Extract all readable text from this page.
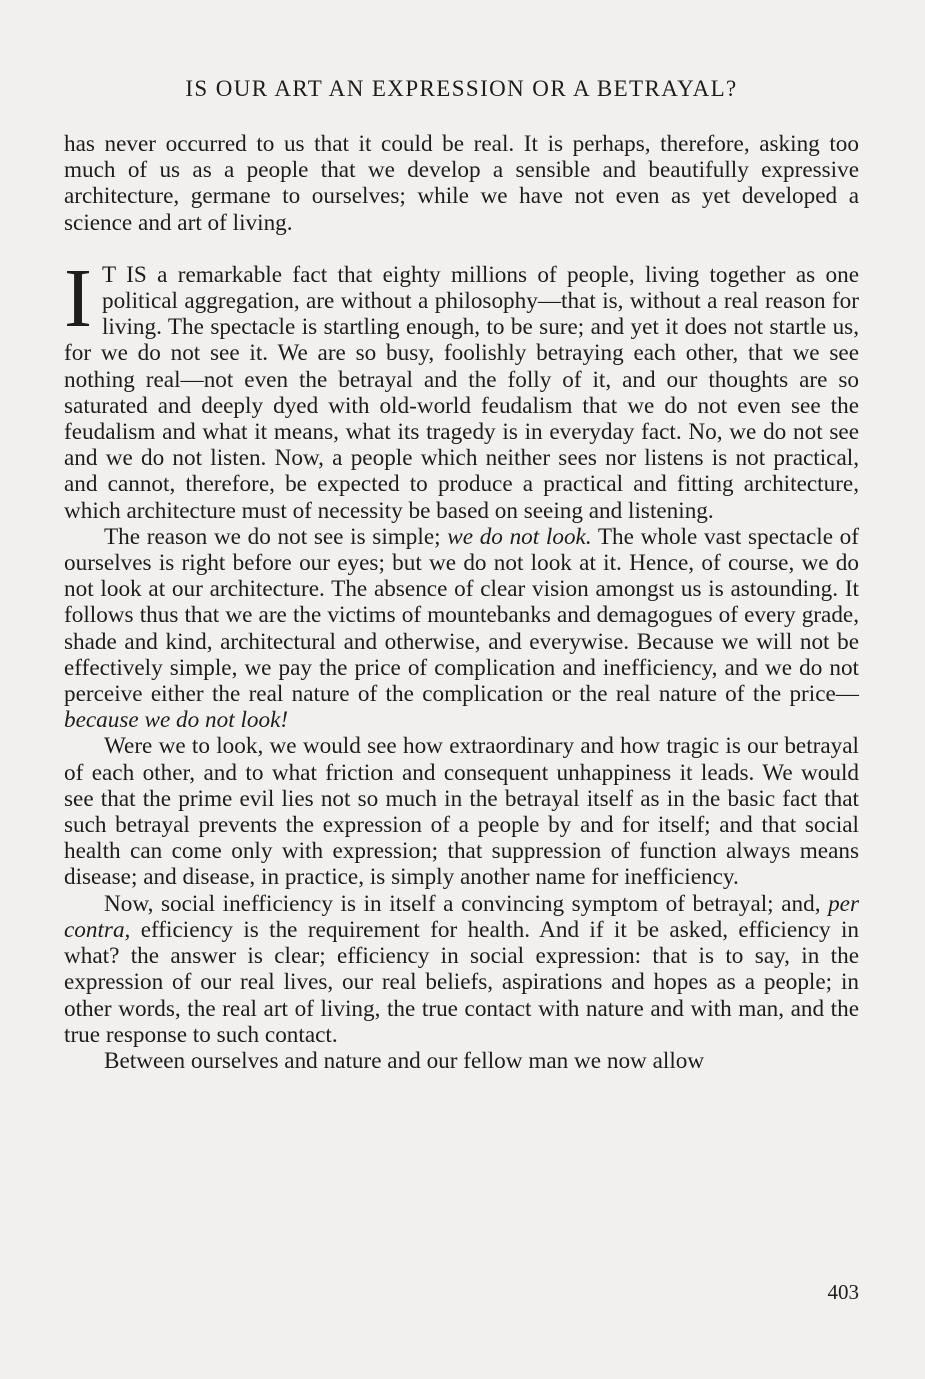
IS OUR ART AN EXPRESSION OR A BETRAYAL?

has never occurred to us that it could be real. It is perhaps, therefore, asking too much of us as a people that we develop a sensible and beautifully expressive architecture, germane to ourselves; while we have not even as yet developed a science and art of living.

I T IS a remarkable fact that eighty millions of people, living together as one political aggregation, are without a philosophy—that is, without a real reason for living. The spectacle is startling enough, to be sure; and yet it does not startle us, for we do not see it. We are so busy, foolishly betraying each other, that we see nothing real—not even the betrayal and the folly of it, and our thoughts are so saturated and deeply dyed with old-world feudalism that we do not even see the feudalism and what it means, what its tragedy is in everyday fact. No, we do not see and we do not listen. Now, a people which neither sees nor listens is not practical, and cannot, therefore, be expected to produce a practical and fitting architecture, which architecture must of necessity be based on seeing and listening.

The reason we do not see is simple; we do not look. The whole vast spectacle of ourselves is right before our eyes; but we do not look at it. Hence, of course, we do not look at our architecture. The absence of clear vision amongst us is astounding. It follows thus that we are the victims of mountebanks and demagogues of every grade, shade and kind, architectural and otherwise, and everywise. Because we will not be effectively simple, we pay the price of complication and inefficiency, and we do not perceive either the real nature of the complication or the real nature of the price—because we do not look!

Were we to look, we would see how extraordinary and how tragic is our betrayal of each other, and to what friction and consequent unhappiness it leads. We would see that the prime evil lies not so much in the betrayal itself as in the basic fact that such betrayal prevents the expression of a people by and for itself; and that social health can come only with expression; that suppression of function always means disease; and disease, in practice, is simply another name for inefficiency.

Now, social inefficiency is in itself a convincing symptom of betrayal; and, per contra, efficiency is the requirement for health. And if it be asked, efficiency in what? the answer is clear; efficiency in social expression: that is to say, in the expression of our real lives, our real beliefs, aspirations and hopes as a people; in other words, the real art of living, the true contact with nature and with man, and the true response to such contact.

Between ourselves and nature and our fellow man we now allow

403
